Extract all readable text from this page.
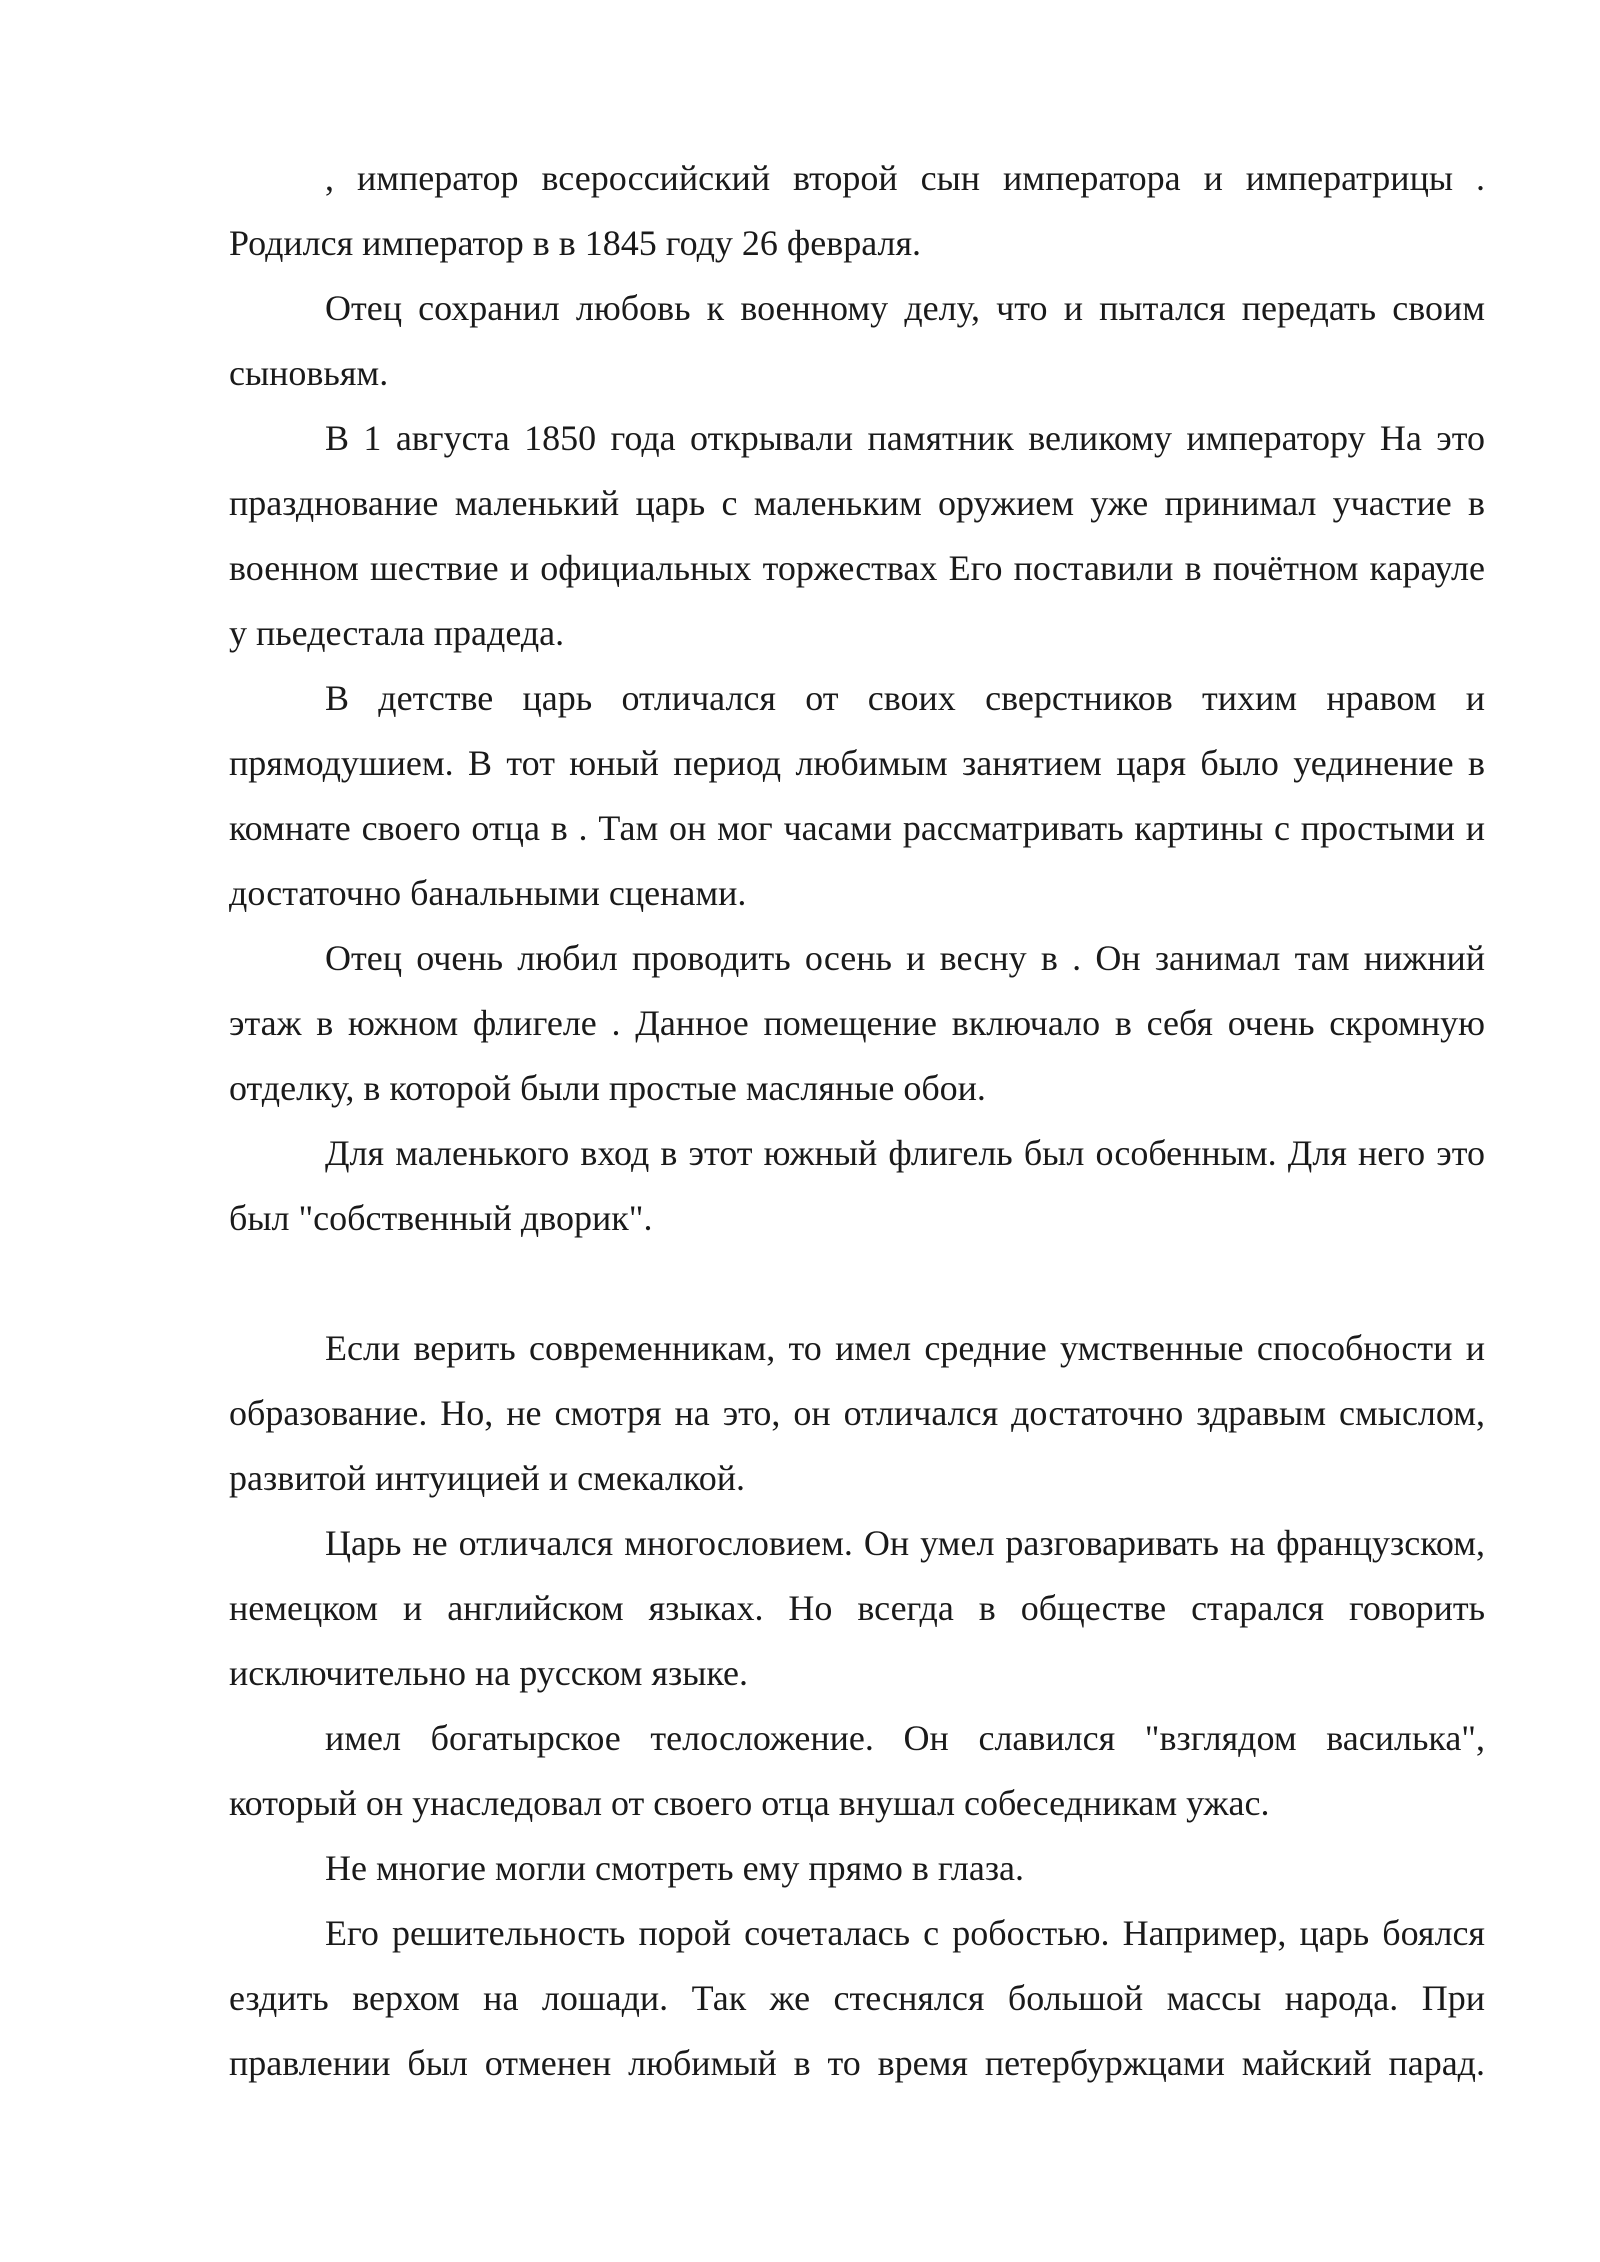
, император всероссийский второй сын императора и императрицы . Родился император в в 1845 году 26 февраля.

Отец сохранил любовь к военному делу, что и пытался передать своим сыновьям.

В 1 августа 1850 года открывали памятник великому императору На это празднование маленький царь с маленьким оружием уже принимал участие в военном шествие и официальных торжествах Его поставили в почётном карауле у пьедестала прадеда.

В детстве царь отличался от своих сверстников тихим нравом и прямодушием. В тот юный период любимым занятием царя было уединение в комнате своего отца в . Там он мог часами рассматривать картины с простыми и достаточно банальными сценами.

Отец очень любил проводить осень и весну в . Он занимал там нижний этаж в южном флигеле . Данное помещение включало в себя очень скромную отделку, в которой были простые масляные обои.

Для маленького вход в этот южный флигель был особенным. Для него это был "собственный дворик".

Если верить современникам, то имел средние умственные способности и образование. Но, не смотря на это, он отличался достаточно здравым смыслом, развитой интуицией и смекалкой.

Царь не отличался многословием. Он умел разговаривать на французском, немецком и английском языках. Но всегда в обществе старался говорить исключительно на русском языке.

имел богатырское телосложение. Он славился "взглядом василька", который он унаследовал от своего отца внушал собеседникам ужас.

Не многие могли смотреть ему прямо в глаза.

Его решительность порой сочеталась с робостью. Например, царь боялся ездить верхом на лошади. Так же стеснялся большой массы народа. При правлении был отменен любимый в то время петербуржцами майский парад.
